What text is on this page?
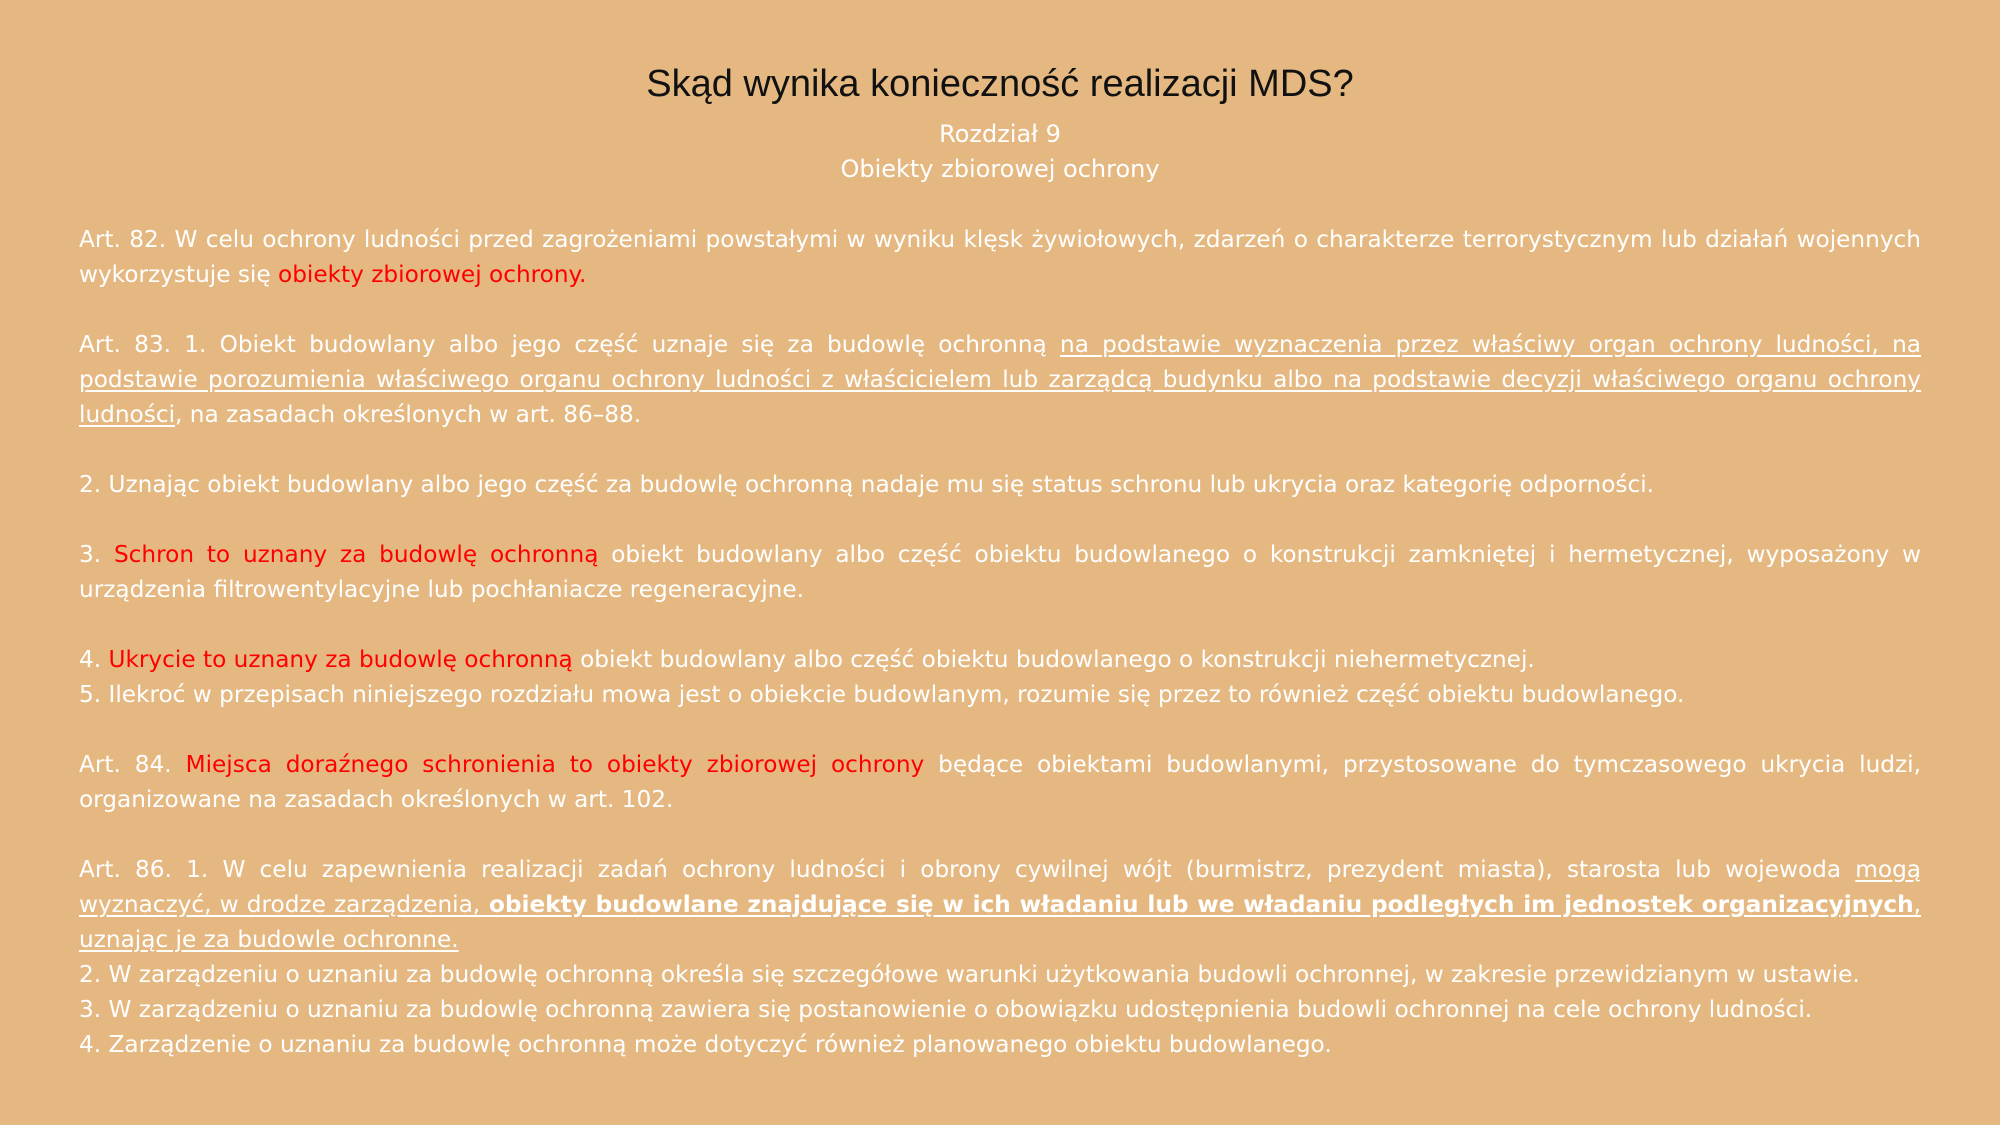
Skąd wynika konieczność realizacji MDS?
Rozdział 9
Obiekty zbiorowej ochrony

Art. 82. W celu ochrony ludności przed zagrożeniami powstałymi w wyniku klęsk żywiołowych, zdarzeń o charakterze terrorystycznym lub działań wojennych wykorzystuje się obiekty zbiorowej ochrony.

Art. 83. 1. Obiekt budowlany albo jego część uznaje się za budowlę ochronną na podstawie wyznaczenia przez właściwy organ ochrony ludności, na podstawie porozumienia właściwego organu ochrony ludności z właścicielem lub zarządcą budynku albo na podstawie decyzji właściwego organu ochrony ludności, na zasadach określonych w art. 86–88.

2. Uznając obiekt budowlany albo jego część za budowlę ochronną nadaje mu się status schronu lub ukrycia oraz kategorię odporności.

3. Schron to uznany za budowlę ochronną obiekt budowlany albo część obiektu budowlanego o konstrukcji zamkniętej i hermetycznej, wyposażony w urządzenia filtrowentylacyjne lub pochłaniacze regeneracyjne.

4. Ukrycie to uznany za budowlę ochronną obiekt budowlany albo część obiektu budowlanego o konstrukcji niehermetycznej.

5. Ilekroć w przepisach niniejszego rozdziału mowa jest o obiekcie budowlanym, rozumie się przez to również część obiektu budowlanego.

Art. 84. Miejsca doraźnego schronienia to obiekty zbiorowej ochrony będące obiektami budowlanymi, przystosowane do tymczasowego ukrycia ludzi, organizowane na zasadach określonych w art. 102.

Art. 86. 1. W celu zapewnienia realizacji zadań ochrony ludności i obrony cywilnej wójt (burmistrz, prezydent miasta), starosta lub wojewoda mogą wyznaczyć, w drodze zarządzenia, obiekty budowlane znajdujące się w ich władaniu lub we władaniu podległych im jednostek organizacyjnych, uznając je za budowle ochronne.

2. W zarządzeniu o uznaniu za budowlę ochronną określa się szczegółowe warunki użytkowania budowli ochronnej, w zakresie przewidzianym w ustawie.

3. W zarządzeniu o uznaniu za budowlę ochronną zawiera się postanowienie o obowiązku udostępnienia budowli ochronnej na cele ochrony ludności.

4. Zarządzenie o uznaniu za budowlę ochronną może dotyczyć również planowanego obiektu budowlanego.
